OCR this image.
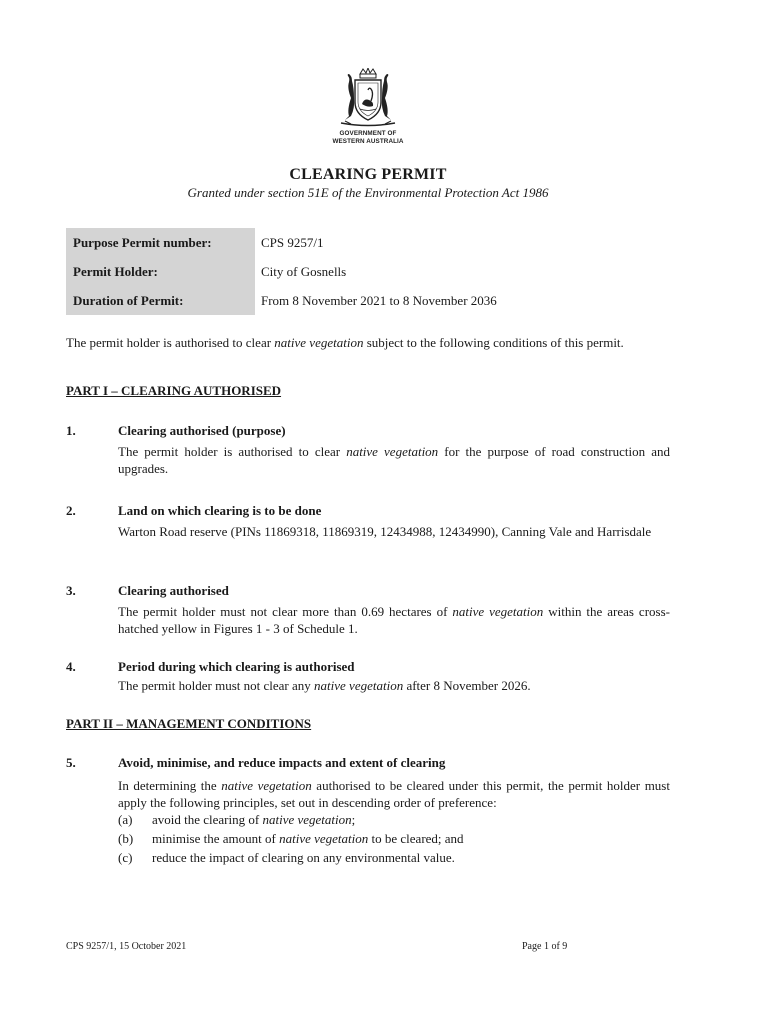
GOVERNMENT OF
WESTERN AUSTRALIA
CLEARING PERMIT
Granted under section 51E of the Environmental Protection Act 1986
Purpose Permit number:	CPS 9257/1
Permit Holder:	City of Gosnells
Duration of Permit:	From 8 November 2021 to 8 November 2036
The permit holder is authorised to clear native vegetation subject to the following conditions of this permit.
PART I – CLEARING AUTHORISED
1.	Clearing authorised (purpose)
The permit holder is authorised to clear native vegetation for the purpose of road construction and upgrades.
2.	Land on which clearing is to be done
Warton Road reserve (PINs 11869318, 11869319, 12434988, 12434990), Canning Vale and Harrisdale
3.	Clearing authorised
The permit holder must not clear more than 0.69 hectares of native vegetation within the areas cross-hatched yellow in Figures 1 - 3 of Schedule 1.
4.	Period during which clearing is authorised
The permit holder must not clear any native vegetation after 8 November 2026.
PART II – MANAGEMENT CONDITIONS
5.	Avoid, minimise, and reduce impacts and extent of clearing
In determining the native vegetation authorised to be cleared under this permit, the permit holder must apply the following principles, set out in descending order of preference:
(a)	avoid the clearing of native vegetation;
(b)	minimise the amount of native vegetation to be cleared; and
(c)	reduce the impact of clearing on any environmental value.
CPS 9257/1, 15 October 2021	Page 1 of 9
